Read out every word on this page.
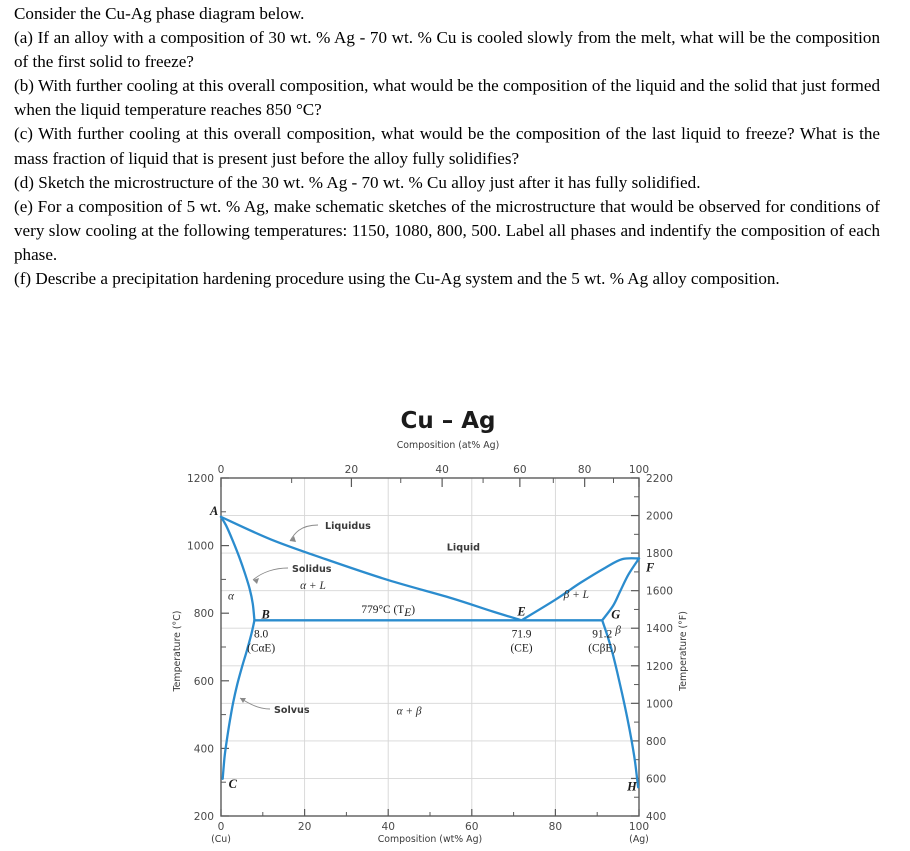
Consider the Cu-Ag phase diagram below.

(a) If an alloy with a composition of 30 wt. % Ag - 70 wt. % Cu is cooled slowly from the melt, what will be the composition of the first solid to freeze?

(b) With further cooling at this overall composition, what would be the composition of the liquid and the solid that just formed when the liquid temperature reaches 850 °C?

(c) With further cooling at this overall composition, what would be the composition of the last liquid to freeze? What is the mass fraction of liquid that is present just before the alloy fully solidifies?

(d) Sketch the microstructure of the 30 wt. % Ag - 70 wt. % Cu alloy just after it has fully solidified.

(e) For a composition of 5 wt. % Ag, make schematic sketches of the microstructure that would be observed for conditions of very slow cooling at the following temperatures: 1150, 1080, 800, 500. Label all phases and indentify the composition of each phase.

(f) Describe a precipitation hardening procedure using the Cu-Ag system and the 5 wt. % Ag alloy composition.

Cu – Ag
Composition (at% Ag)
0	20	40	60	80	100
0	20	40	60	80	100
200
400
600
800
1000
1200
400
600
800
1000
1200
1400
1600
1800
2000
2200
α
α + L
Liquid
β + L
β
α + β
A
B
C
E
F
G
H
Liquidus
Solidus
Solvus
779°C (TE)
8.0
(CαE)
71.9
(CE)
91.2
(CβE)
Composition (wt% Ag)
(Cu)	(Ag)
Temperature (°C)	Temperature (°F)
